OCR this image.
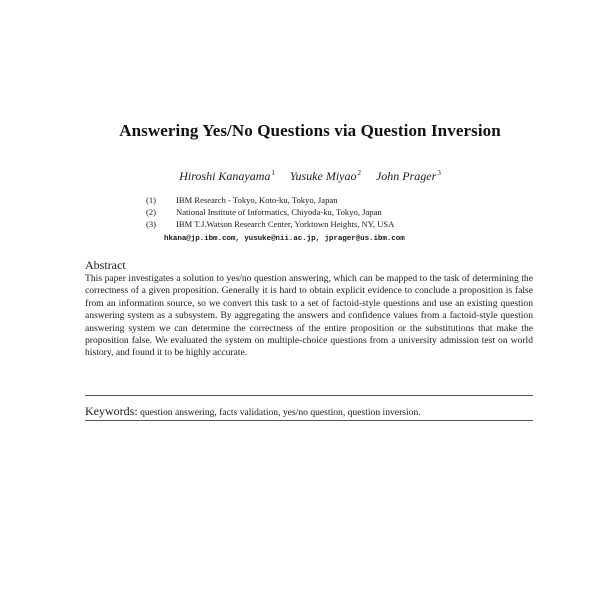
Answering Yes/No Questions via Question Inversion
Hiroshi Kanayama$^1$ Yusuke Miyao$^2$ John Prager$^3$
(1)	IBM Research - Tokyo, Koto-ku, Tokyo, Japan
(2)	National Institute of Informatics, Chiyoda-ku, Tokyo, Japan
(3)	IBM T.J.Watson Research Center, Yorktown Heights, NY, USA
hkana@jp.ibm.com, yusuke@nii.ac.jp, jprager@us.ibm.com
Abstract
This paper investigates a solution to yes/no question answering, which can be mapped to the task of determining the correctness of a given proposition. Generally it is hard to obtain explicit evidence to conclude a proposition is false from an information source, so we convert this task to a set of factoid-style questions and use an existing question answering system as a subsystem. By aggregating the answers and confidence values from a factoid-style question answering system we can determine the correctness of the entire proposition or the substitutions that make the proposition false. We evaluated the system on multiple-choice questions from a university admission test on world history, and found it to be highly accurate.
Keywords: question answering, facts validation, yes/no question, question inversion.
